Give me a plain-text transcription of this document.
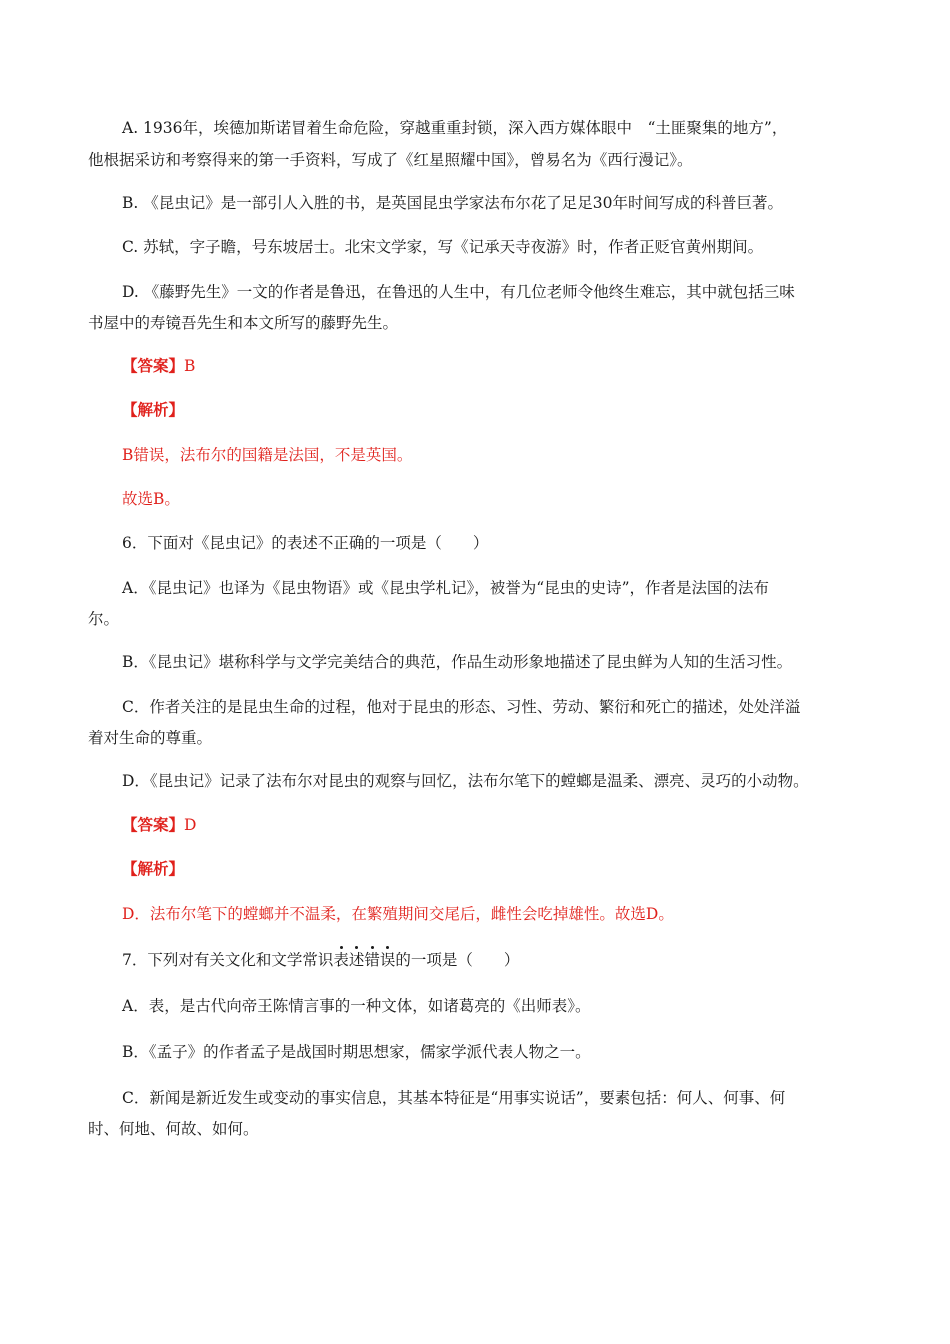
A. 1936年，埃德加斯诺冒着生命危险，穿越重重封锁，深入西方媒体眼中　“土匪聚集的地方”，
他根据采访和考察得来的第一手资料，写成了《红星照耀中国》，曾易名为《西行漫记》。
B. 《昆虫记》是一部引人入胜的书，是英国昆虫学家法布尔花了足足30年时间写成的科普巨著。
C. 苏轼，字子瞻，号东坡居士。北宋文学家，写《记承天寺夜游》时，作者正贬官黄州期间。
D. 《藤野先生》一文的作者是鲁迅，在鲁迅的人生中，有几位老师令他终生难忘，其中就包括三味
书屋中的寿镜吾先生和本文所写的藤野先生。
【答案】B
【解析】
B错误，法布尔的国籍是法国，不是英国。
故选B。
6．下面对《昆虫记》的表述不正确的一项是（　　）
A．《昆虫记》也译为《昆虫物语》或《昆虫学札记》，被誉为“昆虫的史诗”，作者是法国的法布
尔。
B．《昆虫记》堪称科学与文学完美结合的典范，作品生动形象地描述了昆虫鲜为人知的生活习性。
C．作者关注的是昆虫生命的过程，他对于昆虫的形态、习性、劳动、繁衍和死亡的描述，处处洋溢
着对生命的尊重。
D．《昆虫记》记录了法布尔对昆虫的观察与回忆，法布尔笔下的螳螂是温柔、漂亮、灵巧的小动物。
【答案】D
【解析】
D．法布尔笔下的螳螂并不温柔，在繁殖期间交尾后，雌性会吃掉雄性。故选D。
7．下列对有关文化和文学常识
表述错误的一项是（　　）
A．表，是古代向帝王陈情言事的一种文体，如诸葛亮的《出师表》。
B．《孟子》的作者孟子是战国时期思想家，儒家学派代表人物之一。
C．新闻是新近发生或变动的事实信息，其基本特征是“用事实说话”，要素包括：何人、何事、何
时、何地、何故、如何。
